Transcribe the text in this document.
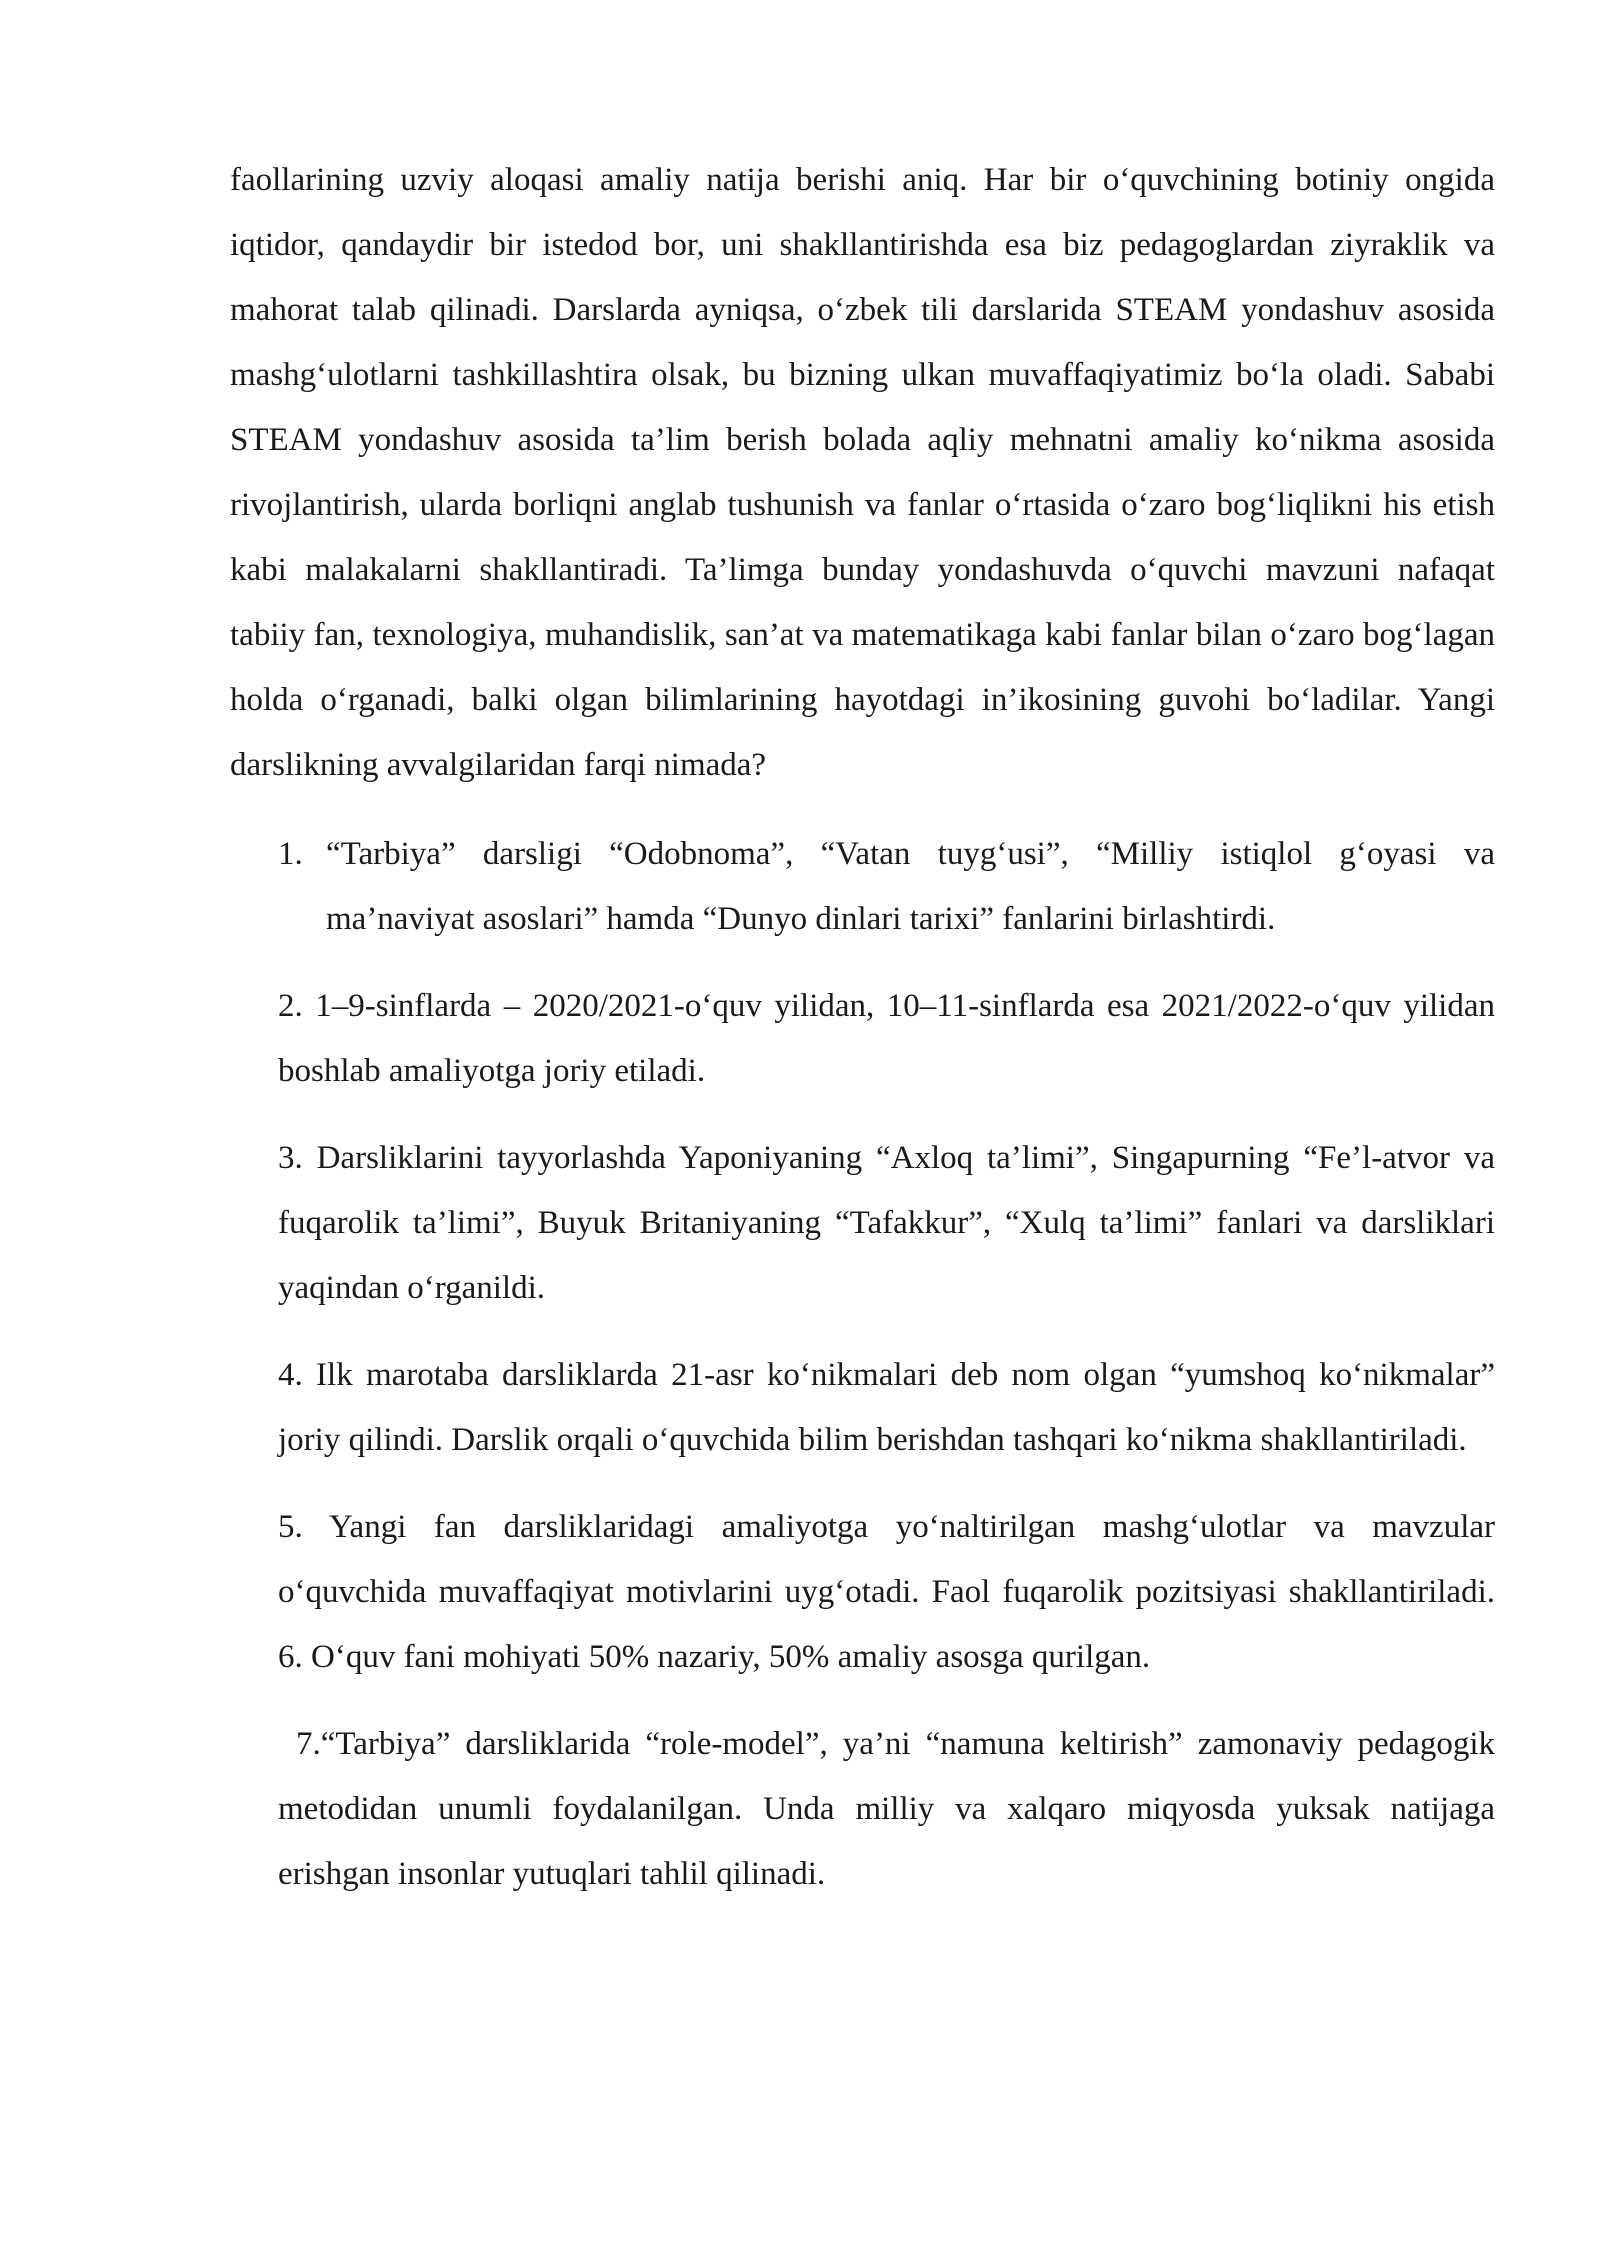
faollarining uzviy aloqasi amaliy natija berishi aniq. Har bir o‘quvchining botiniy ongida iqtidor, qandaydir bir istedod bor, uni shakllantirishda esa biz pedagoglardan ziyraklik va mahorat talab qilinadi. Darslarda ayniqsa, o‘zbek tili darslarida STEAM yondashuv asosida mashg‘ulotlarni tashkillashtira olsak, bu bizning ulkan muvaffaqiyatimiz bo‘la oladi. Sababi STEAM yondashuv asosida ta’lim berish bolada aqliy mehnatni amaliy ko‘nikma asosida rivojlantirish, ularda borliqni anglab tushunish va fanlar o‘rtasida o‘zaro bog‘liqlikni his etish kabi malakalarni shakllantiradi. Ta’limga bunday yondashuvda o‘quvchi mavzuni nafaqat tabiiy fan, texnologiya, muhandislik, san’at va matematikaga kabi fanlar bilan o‘zaro bog‘lagan holda o‘rganadi, balki olgan bilimlarining hayotdagi in’ikosining guvohi bo‘ladilar. Yangi darslikning avvalgilaridan farqi nimada?

1. “Tarbiya” darsligi “Odobnoma”, “Vatan tuyg‘usi”, “Milliy istiqlol g‘oyasi va ma’naviyat asoslari” hamda “Dunyo dinlari tarixi” fanlarini birlashtirdi.

2. 1–9-sinflarda – 2020/2021-o‘quv yilidan, 10–11-sinflarda esa 2021/2022-o‘quv yilidan boshlab amaliyotga joriy etiladi.

3. Darsliklarini tayyorlashda Yaponiyaning “Axloq ta’limi”, Singapurning “Fe’l-atvor va fuqarolik ta’limi”, Buyuk Britaniyaning “Tafakkur”, “Xulq ta’limi” fanlari va darsliklari yaqindan o‘rganildi.

4. Ilk marotaba darsliklarda 21-asr ko‘nikmalari deb nom olgan “yumshoq ko‘nikmalar” joriy qilindi. Darslik orqali o‘quvchida bilim berishdan tashqari ko‘nikma shakllantiriladi.

5. Yangi fan darsliklaridagi amaliyotga yo‘naltirilgan mashg‘ulotlar va mavzular o‘quvchida muvaffaqiyat motivlarini uyg‘otadi. Faol fuqarolik pozitsiyasi shakllantiriladi. 6. O‘quv fani mohiyati 50% nazariy, 50% amaliy asosga qurilgan.

7.“Tarbiya” darsliklarida “role-model”, ya’ni “namuna keltirish” zamonaviy pedagogik metodidan unumli foydalanilgan. Unda milliy va xalqaro miqyosda yuksak natijaga erishgan insonlar yutuqlari tahlil qilinadi.
